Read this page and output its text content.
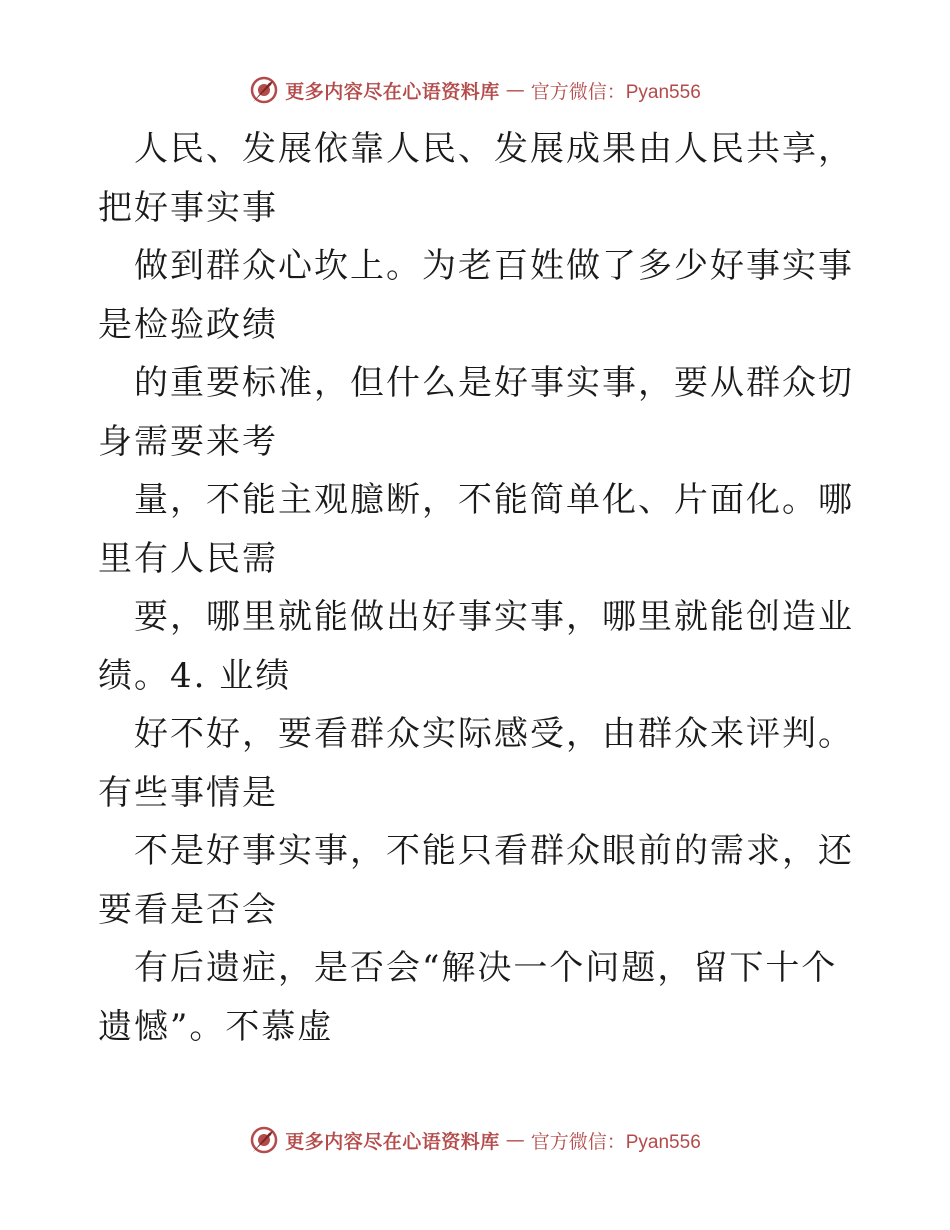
更多内容尽在心语资料库 — 官方微信：Pyan556

人民、发展依靠人民、发展成果由人民共享，把好事实事

做到群众心坎上。为老百姓做了多少好事实事是检验政绩

的重要标准，但什么是好事实事，要从群众切身需要来考

量，不能主观臆断，不能简单化、片面化。哪里有人民需

要，哪里就能做出好事实事，哪里就能创造业绩。4. 业绩

好不好，要看群众实际感受，由群众来评判。有些事情是

不是好事实事，不能只看群众眼前的需求，还要看是否会

有后遗症，是否会“解决一个问题，留下十个遗憾”。不慕虚

更多内容尽在心语资料库 — 官方微信：Pyan556
